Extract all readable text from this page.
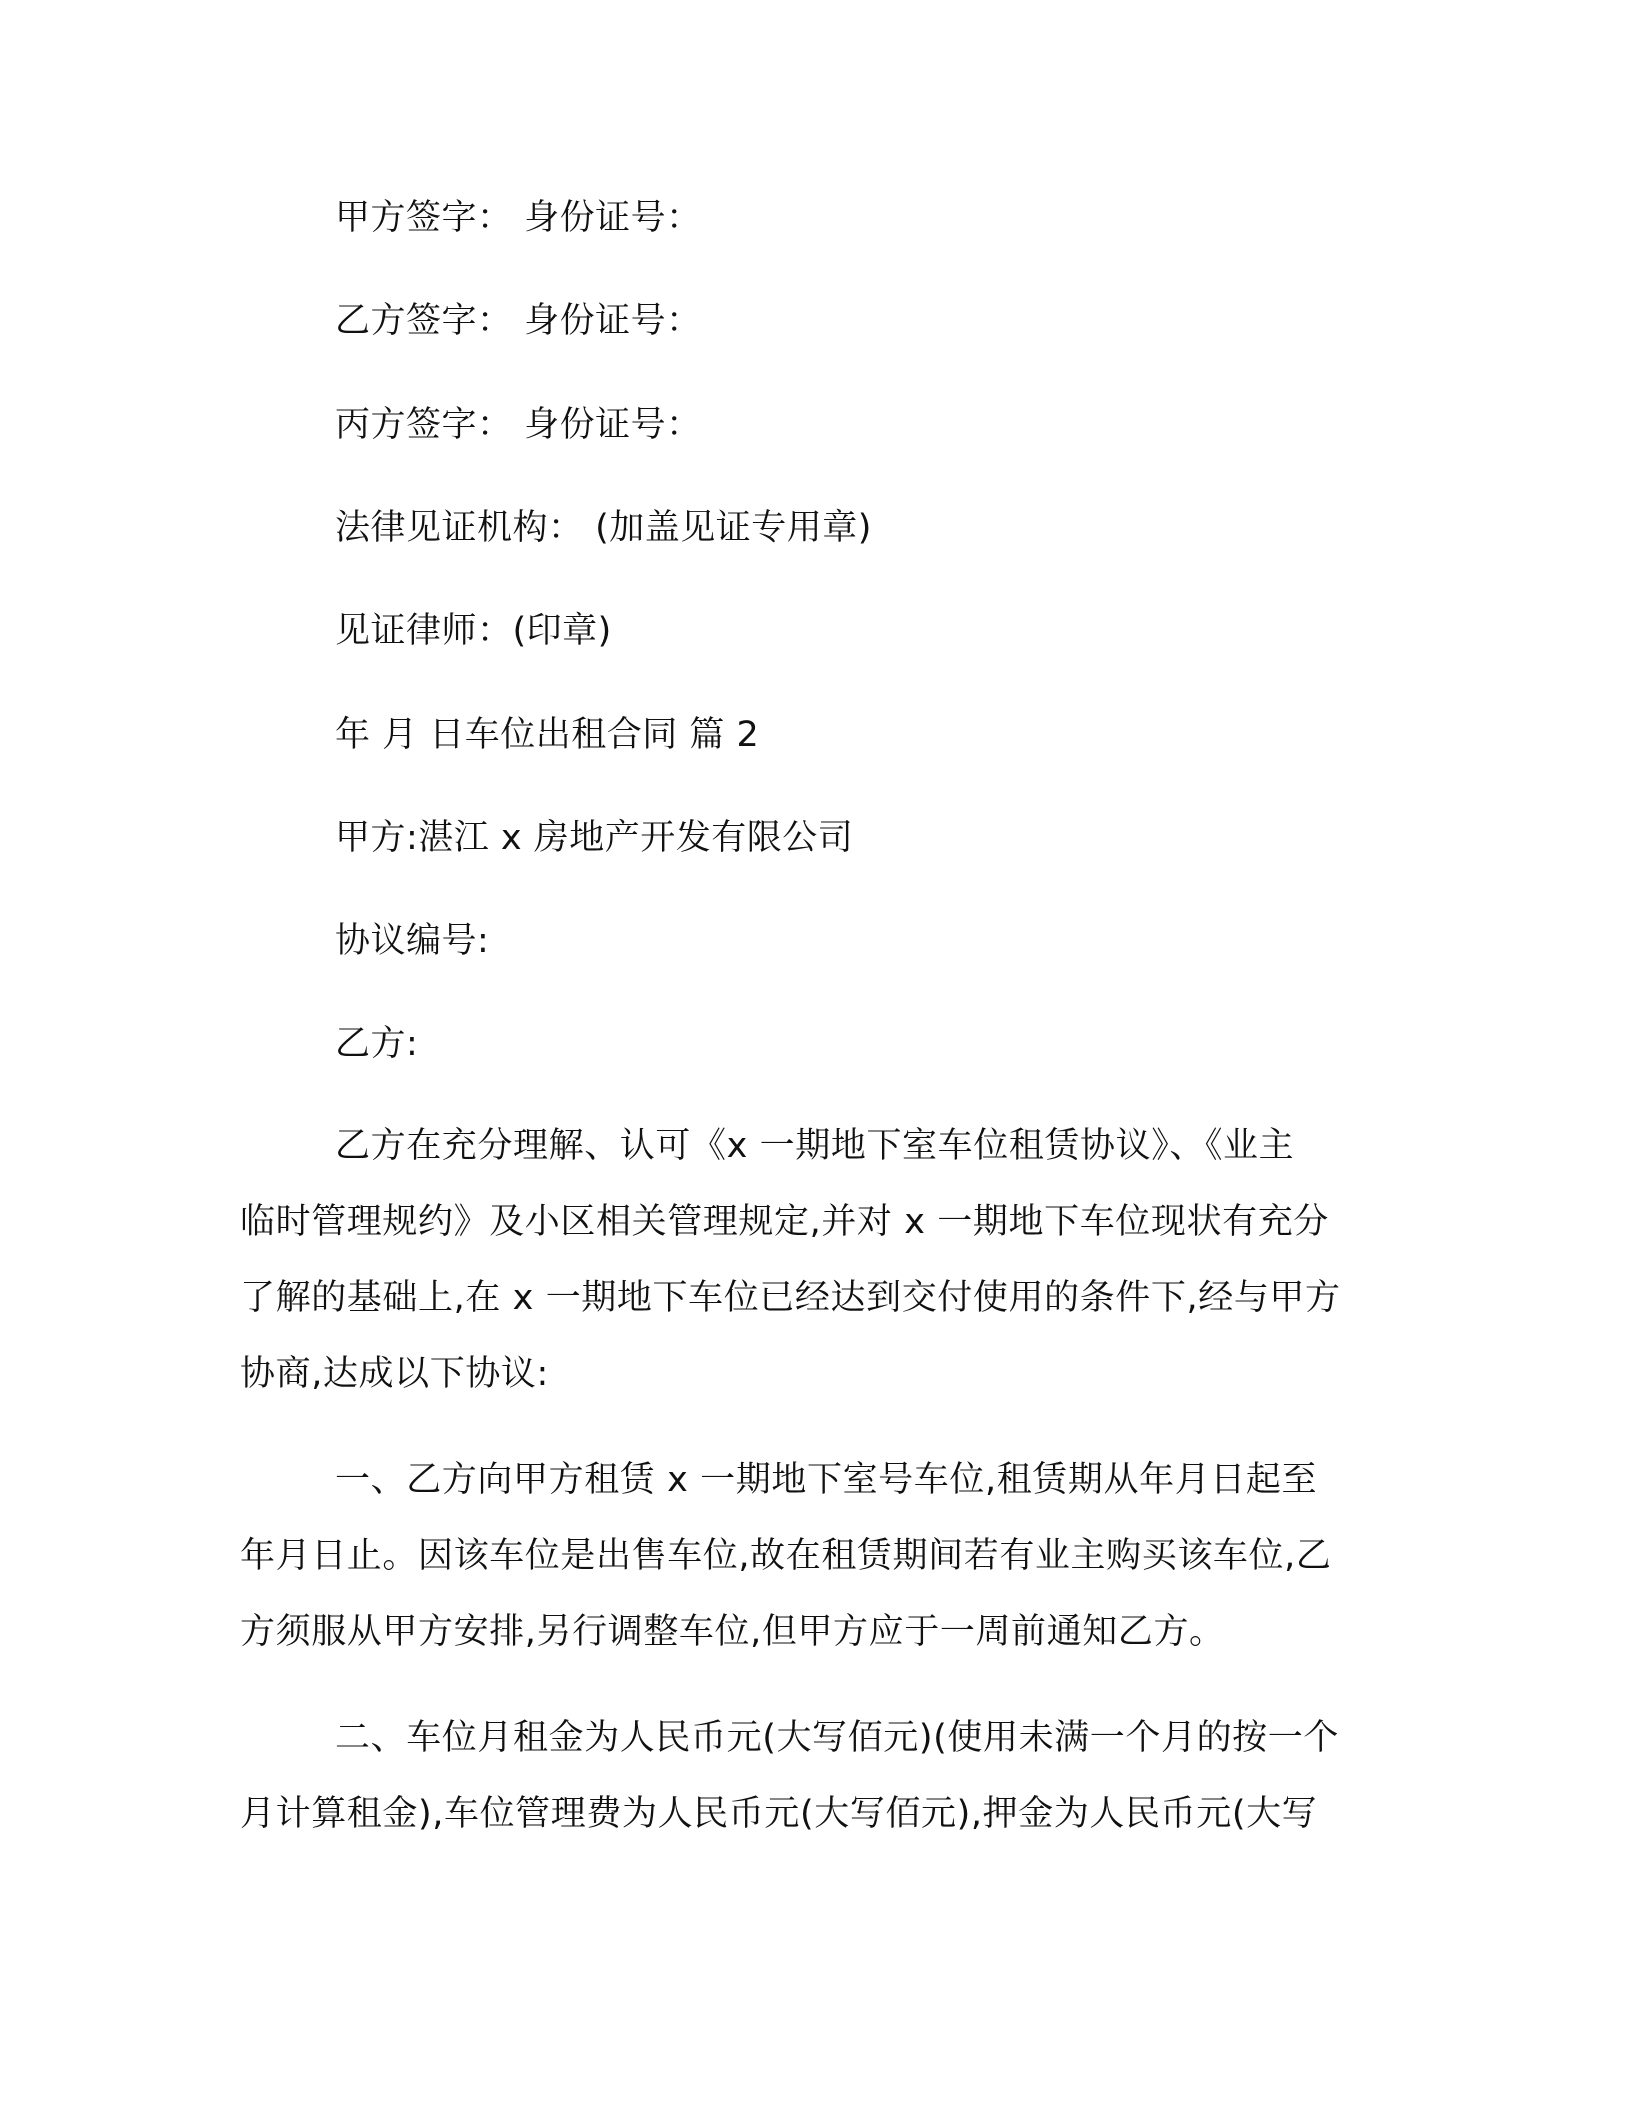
甲方签字： 身份证号：
乙方签字： 身份证号：
丙方签字： 身份证号：
法律见证机构： (加盖见证专用章)
见证律师：(印章)
年 月 日车位出租合同 篇 2
甲方:湛江 x 房地产开发有限公司
协议编号:
乙方:
乙方在充分理解、认可《x 一期地下室车位租赁协议》、《业主
临时管理规约》及小区相关管理规定,并对 x 一期地下车位现状有充分
了解的基础上,在 x 一期地下车位已经达到交付使用的条件下,经与甲方
协商,达成以下协议:
一、乙方向甲方租赁 x 一期地下室号车位,租赁期从年月日起至
年月日止。因该车位是出售车位,故在租赁期间若有业主购买该车位,乙
方须服从甲方安排,另行调整车位,但甲方应于一周前通知乙方。
二、车位月租金为人民币元(大写佰元)(使用未满一个月的按一个
月计算租金),车位管理费为人民币元(大写佰元),押金为人民币元(大写
